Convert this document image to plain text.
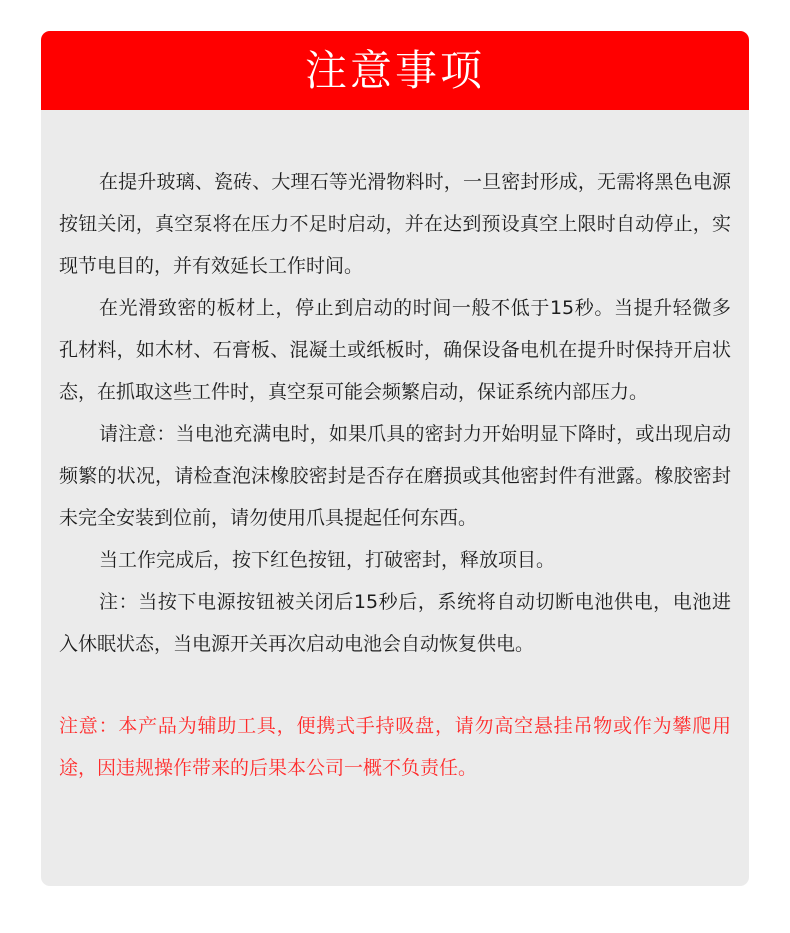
注意事项

在提升玻璃、瓷砖、大理石等光滑物料时，一旦密封形成，无需将黑色电源按钮关闭，真空泵将在压力不足时启动，并在达到预设真空上限时自动停止，实现节电目的，并有效延长工作时间。

在光滑致密的板材上，停止到启动的时间一般不低于15秒。当提升轻微多孔材料，如木材、石膏板、混凝土或纸板时，确保设备电机在提升时保持开启状态，在抓取这些工件时，真空泵可能会频繁启动，保证系统内部压力。

请注意：当电池充满电时，如果爪具的密封力开始明显下降时，或出现启动频繁的状况，请检查泡沫橡胶密封是否存在磨损或其他密封件有泄露。橡胶密封未完全安装到位前，请勿使用爪具提起任何东西。

当工作完成后，按下红色按钮，打破密封，释放项目。

注：当按下电源按钮被关闭后15秒后，系统将自动切断电池供电，电池进入休眠状态，当电源开关再次启动电池会自动恢复供电。

注意：本产品为辅助工具，便携式手持吸盘，请勿高空悬挂吊物或作为攀爬用途，因违规操作带来的后果本公司一概不负责任。
